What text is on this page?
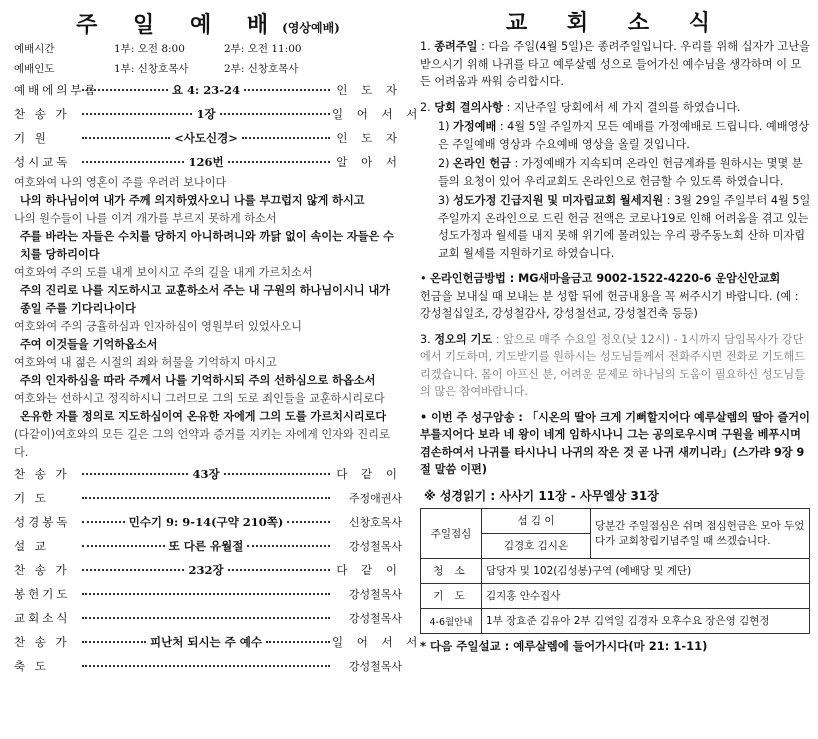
주 일 예 배(영상예배)
예배시간	1부: 오전 8:00	2부: 오전 11:00
예배인도	1부: 신창호목사	2부: 신창호목사
예배에의부름	요 4: 23-24	인 도 자
찬 송 가	1장	일 어 서 서
기 원	<사도신경>	인 도 자
성시교독	126번	알 아 서

여호와여 나의 영혼이 주를 우러러 보나이다

나의 하나님이여 내가 주께 의지하였사오니 나를 부끄럽지 않게 하시고

나의 원수들이 나를 이겨 개가를 부르지 못하게 하소서

주를 바라는 자들은 수치를 당하지 아니하려니와 까닭 없이 속이는 자들은 수치를 당하리이다

여호와여 주의 도를 내게 보이시고 주의 길을 내게 가르치소서

주의 진리로 나를 지도하시고 교훈하소서 주는 내 구원의 하나님이시니 내가 종일 주를 기다리나이다

여호와여 주의 긍휼하심과 인자하심이 영원부터 있었사오니

주여 이것들을 기억하옵소서

여호와여 내 젊은 시절의 죄와 허물을 기억하지 마시고

주의 인자하심을 따라 주께서 나를 기억하시되 주의 선하심으로 하옵소서

여호와는 선하시고 정직하시니 그러므로 그의 도로 죄인들을 교훈하시리로다

온유한 자를 정의로 지도하심이여 온유한 자에게 그의 도를 가르치시리로다

(다같이)여호와의 모든 길은 그의 언약과 증거를 지키는 자에게 인자와 진리로다.

찬 송 가	43장	다 같 이
기 도	주정애권사
성경봉독	민수기 9: 9-14(구약 210쪽)	신창호목사
설 교	또 다른 유월절	강성철목사
찬 송 가	232장	다 같 이
봉헌기도	강성철목사
교회소식	강성철목사
찬 송 가	피난처 되시는 주 예수	일 어 서 서
축 도	강성철목사
교 회 소 식
1. 종려주일 : 다음 주일(4월 5일)은 종려주일입니다. 우리를 위해 십자가 고난을 받으시기 위해 나귀를 타고 예루살렘 성으로 들어가신 예수님을 생각하며 이 모든 어려움과 싸워 승리합시다.
2. 당회 결의사항 : 지난주일 당회에서 세 가지 결의를 하였습니다.
1) 가정예배 : 4월 5일 주일까지 모든 예배를 가정예배로 드립니다. 예배영상은 주일예배 영상과 수요예배 영상을 올릴 것입니다.
2) 온라인 헌금 : 가정예배가 지속되며 온라인 헌금계좌를 원하시는 몇몇 분들의 요청이 있어 우리교회도 온라인으로 헌금할 수 있도록 하였습니다.
3) 성도가정 긴급지원 및 미자립교회 월세지원 : 3월 29일 주일부터 4월 5일 주일까지 온라인으로 드린 헌금 전액은 코로나19로 인해 어려움을 겪고 있는 성도가정과 월세를 내지 못해 위기에 몰려있는 우리 광주동노회 산하 미자립교회 월세를 지원하기로 하였습니다.
• 온라인헌금방법 : MG새마을금고 9002-1522-4220-6 운암신안교회
헌금을 보내실 때 보내는 분 성함 뒤에 헌금내용을 꼭 써주시기 바랍니다. (예 : 강성철십일조, 강성철감사, 강성철선교, 강성철건축 등등)
3. 정오의 기도 : 앞으로 매주 수요일 정오(낮 12시) - 1시까지 담임목사가 강단에서 기도하며, 기도받기를 원하시는 성도님들께서 전화주시면 전화로 기도해드리겠습니다. 몸이 아프신 분, 어려운 문제로 하나님의 도움이 필요하신 성도님들의 많은 참여바랍니다.
• 이번 주 성구암송 : 「시온의 딸아 크게 기뻐할지어다 예루살렘의 딸아 즐거이 부를지어다 보라 네 왕이 네게 임하시나니 그는 공의로우시며 구원을 베푸시며 겸손하여서 나귀를 타시나니 나귀의 작은 것 곧 나귀 새끼니라」(스가랴 9장 9절 말씀 이편)
※ 성경읽기 : 사사기 11장 - 사무엘상 31장
주일점심	섬 김 이	당분간 주일점심은 쉬며 점심헌금은 모아 두었다가 교회창립기념주일 때 쓰겠습니다.
	김경호 김시온	
청 소	담당자 및 102(김성봉)구역 (예배당 및 계단)	
기 도	김지홍 안수집사	
4-6월안내	1부 장효준 김유아 2부 김역일 김경자 오후수요 장은영 김현정	
* 다음 주일설교 : 예루살렘에 들어가시다(마 21: 1-11)
